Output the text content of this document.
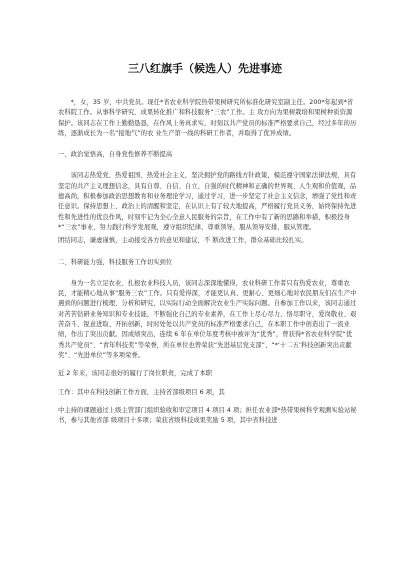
三八红旗手（候选人）先进事迹

*，女，35 岁，中共党员。现任*省农业科学院热带果树研究所标准化研究室副主任。200*年起到*省农科院工作。从事科学研究、成果转化推广和科技服务“三农”工作。主 攻方向为果树栽培和果树种质资源保护。该同志在工作上勤勤恳恳，在作风上务真求实，时刻以共产党员的标准严格要求自己，经过多年的历练，逐渐成长为一名“接地气”的农 业生产第一线的科研工作者，并取得了优异成绩。

一、政治觉悟高，自身党性修养不断提高

该同志热爱党、热爱祖国、热爱社会主义，坚决拥护党的路线方针政策，模范遵守国家法律法规，具有坚定的共产主义理想信念，具有自尊、自信、自立、自强的时代精神和正确的世界观、人生观和价值观，品德高尚，积极参加政治思想教育和业务理论学习，通过学习，进一步坚定了社会主义信念，增强了党性和责任意识。保持思想上、政治上的清醒和坚定，在认识上有了较大地提高，严格履行党员义务，始终保持先进性和先进性的优良作风，时刻牢记为全心全意人民服务的宗旨，在工作中有了新的思路和举措，积极投身*“三农”事业，努力践行科学发展观，遵守组织纪律，尊重领导，服从领导安排，服从管理。

团结同志，谦虚谨慎，主动接受各方的意见和建议，不 断改进工作，群众基础比较扎实。

二、科研能力强，科技服务工作切实到位

身为一名立足农业、扎根农业科技人员，该同志深深地懂得，农业科研工作者只有热爱农业，尊重农民，才能精心地从事“服务三农”工作。只有爱得深，才能更认真、更耐心、更细心地对农民朋友们在生产中遇到的问题进行梳理、分析和研究，以实际行动全面解决农业生产实际问题。自参加工作以来，该同志通过对苦苦钻研业务知识和专业技能，不断强化自己的专业素养，在工作上尽心尽力、恪尽职守，爱岗敬业、艰苦奋斗、锐意进取、开拓创新，时时处处以共产党员的标准严格要求自己，在本职工作中创造出了一流业绩，作出了突出贡献。因成绩突出，连续 6 年在单位年度考核中被评为“优秀”，曾获得*省农业科学院“优秀共产党员”、“青年科技奖”等荣誉，所在单位也曾荣获“先进基层党支部”、“*‘十二五’科技创新突出贡献奖”、“先进单位”等多项荣誉。

近 2 年来，该同志很好的履行了岗位职责，完成了本职

工作：其中在科技创新工作方面，主持省部级项目 6 项，其

中主持的课题通过上级主管部门组织验收和审定项目 4 项目 4 项；担任农业部*热带果树科学观测实验站秘书，参与其他省部 级项目十多项；荣获省级科技成果奖励 5 项，其中省科技进
